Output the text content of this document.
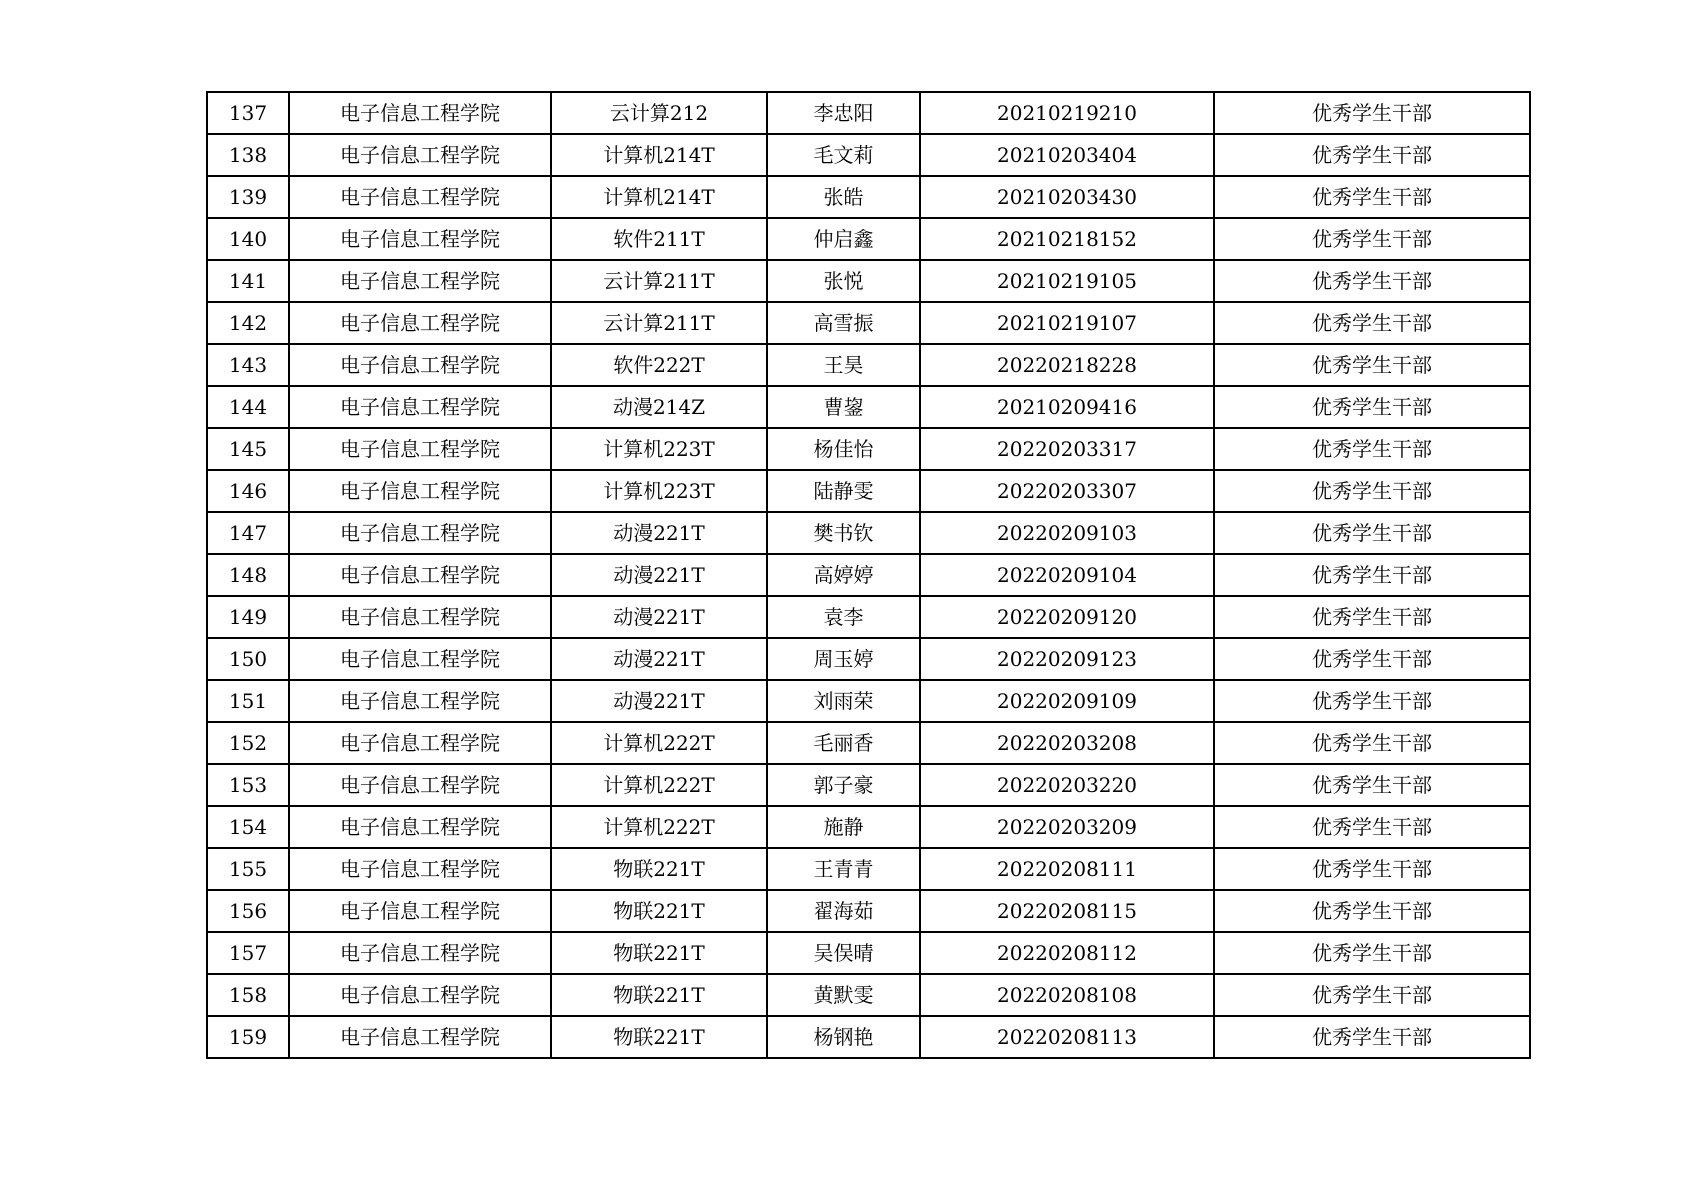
137	电子信息工程学院	云计算212	李忠阳	20210219210	优秀学生干部
138	电子信息工程学院	计算机214T	毛文莉	20210203404	优秀学生干部
139	电子信息工程学院	计算机214T	张皓	20210203430	优秀学生干部
140	电子信息工程学院	软件211T	仲启鑫	20210218152	优秀学生干部
141	电子信息工程学院	云计算211T	张悦	20210219105	优秀学生干部
142	电子信息工程学院	云计算211T	高雪振	20210219107	优秀学生干部
143	电子信息工程学院	软件222T	王昊	20220218228	优秀学生干部
144	电子信息工程学院	动漫214Z	曹鋆	20210209416	优秀学生干部
145	电子信息工程学院	计算机223T	杨佳怡	20220203317	优秀学生干部
146	电子信息工程学院	计算机223T	陆静雯	20220203307	优秀学生干部
147	电子信息工程学院	动漫221T	樊书钦	20220209103	优秀学生干部
148	电子信息工程学院	动漫221T	高婷婷	20220209104	优秀学生干部
149	电子信息工程学院	动漫221T	袁李	20220209120	优秀学生干部
150	电子信息工程学院	动漫221T	周玉婷	20220209123	优秀学生干部
151	电子信息工程学院	动漫221T	刘雨荣	20220209109	优秀学生干部
152	电子信息工程学院	计算机222T	毛丽香	20220203208	优秀学生干部
153	电子信息工程学院	计算机222T	郭子豪	20220203220	优秀学生干部
154	电子信息工程学院	计算机222T	施静	20220203209	优秀学生干部
155	电子信息工程学院	物联221T	王青青	20220208111	优秀学生干部
156	电子信息工程学院	物联221T	翟海茹	20220208115	优秀学生干部
157	电子信息工程学院	物联221T	吴俣晴	20220208112	优秀学生干部
158	电子信息工程学院	物联221T	黄默雯	20220208108	优秀学生干部
159	电子信息工程学院	物联221T	杨钢艳	20220208113	优秀学生干部
